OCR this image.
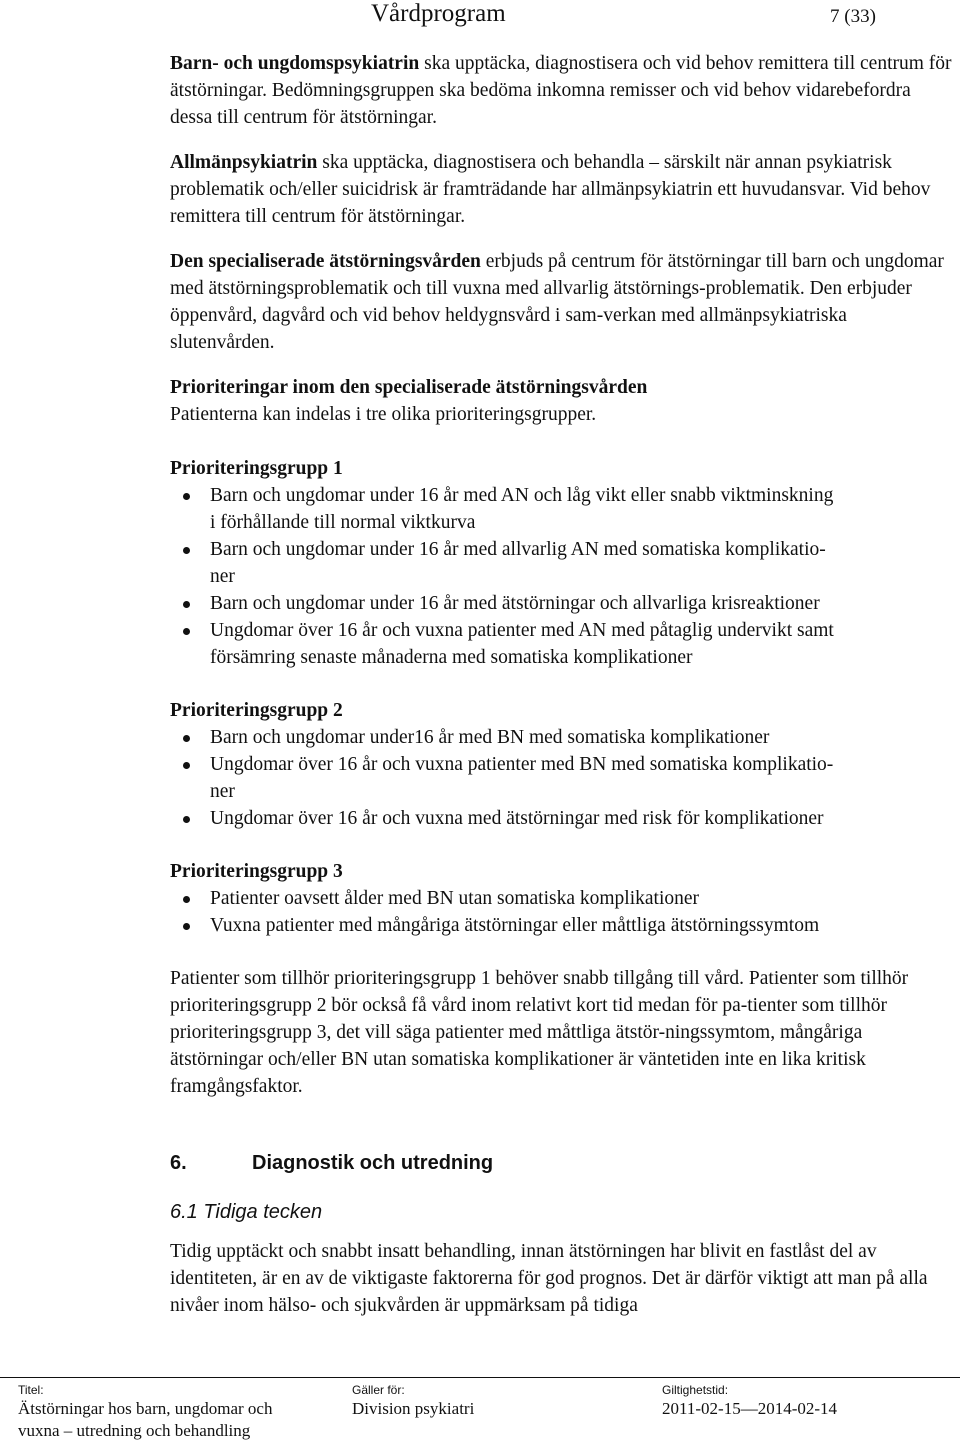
Vårdprogram	7 (33)

Barn- och ungdomspsykiatrin ska upptäcka, diagnostisera och vid behov remittera till centrum för ätstörningar. Bedömningsgruppen ska bedöma inkomna remisser och vid behov vidarebefordra dessa till centrum för ätstörningar.

Allmänpsykiatrin ska upptäcka, diagnostisera och behandla – särskilt när annan psykiatrisk problematik och/eller suicidrisk är framträdande har allmänpsykiatrin ett huvudansvar. Vid behov remittera till centrum för ätstörningar.

Den specialiserade ätstörningsvården erbjuds på centrum för ätstörningar till barn och ungdomar med ätstörningsproblematik och till vuxna med allvarlig ätstörnings-problematik. Den erbjuder öppenvård, dagvård och vid behov heldygnsvård i sam-verkan med allmänpsykiatriska slutenvården.

Prioriteringar inom den specialiserade ätstörningsvården
Patienterna kan indelas i tre olika prioriteringsgrupper.

Prioriteringsgrupp 1

Barn och ungdomar under 16 år med AN och låg vikt eller snabb viktminskning
i förhållande till normal viktkurva
Barn och ungdomar under 16 år med allvarlig AN med somatiska komplikatio-
ner
Barn och ungdomar under 16 år med ätstörningar och allvarliga krisreaktioner
Ungdomar över 16 år och vuxna patienter med AN med påtaglig undervikt samt
försämring senaste månaderna med somatiska komplikationer

Prioriteringsgrupp 2

Barn och ungdomar under16 år med BN med somatiska komplikationer
Ungdomar över 16 år och vuxna patienter med BN med somatiska komplikatio-
ner
Ungdomar över 16 år och vuxna med ätstörningar med risk för komplikationer

Prioriteringsgrupp 3

Patienter oavsett ålder med BN utan somatiska komplikationer
Vuxna patienter med mångåriga ätstörningar eller måttliga ätstörningssymtom

Patienter som tillhör prioriteringsgrupp 1 behöver snabb tillgång till vård. Patienter som tillhör prioriteringsgrupp 2 bör också få vård inom relativt kort tid medan för pa-tienter som tillhör prioriteringsgrupp 3, det vill säga patienter med måttliga ätstör-ningssymtom, mångåriga ätstörningar och/eller BN utan somatiska komplikationer är väntetiden inte en lika kritisk framgångsfaktor.

6.	Diagnostik och utredning
6.1 Tidiga tecken

Tidig upptäckt och snabbt insatt behandling, innan ätstörningen har blivit en fastlåst del av identiteten, är en av de viktigaste faktorerna för god prognos. Det är därför viktigt att man på alla nivåer inom hälso- och sjukvården är uppmärksam på tidiga

Titel:
Ätstörningar hos barn, ungdomar och
vuxna – utredning och behandling
Gäller för:
Division psykiatri
Giltighetstid:
2011-02-15—2014-02-14
